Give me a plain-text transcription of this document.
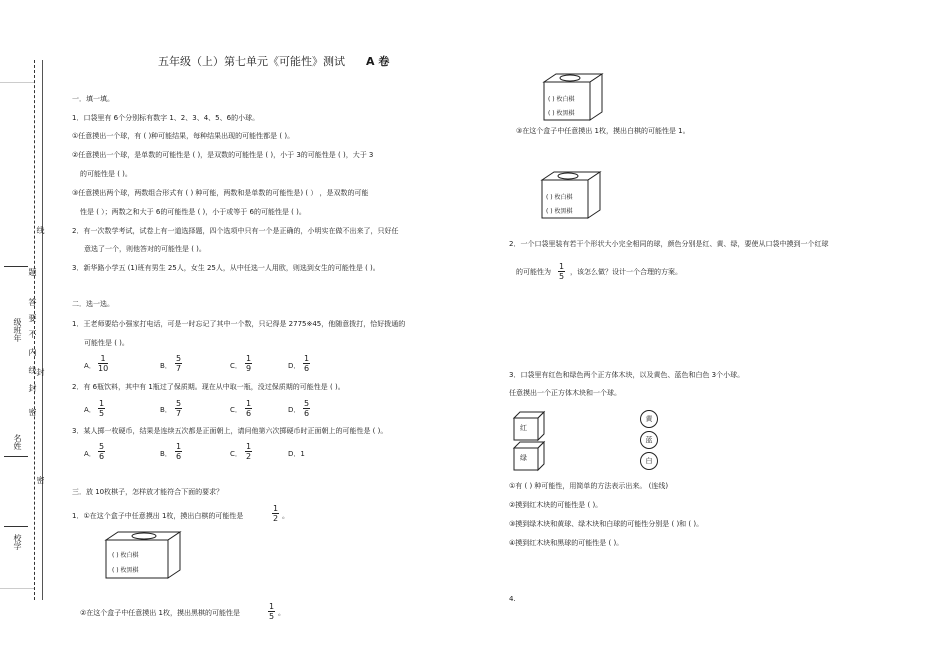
线
题
答
要
不
内
线
封
密
级班年
封
名姓
密
校学
五年级（上）第七单元《可能性》测试 A 卷
一．填一填。
1．口袋里有 6个分别标有数字 1、2、3、4、5、6的小球。
①任意摸出一个球，有 ( )种可能结果，每种结果出现的可能性都是 ( )。
②任意摸出一个球，是单数的可能性是 ( )，是双数的可能性是 ( )，小于 3的可能性是 ( )，大于 3
的可能性是 ( )。
③任意摸出两个球，两数组合形式有 ( ) 种可能，两数和是单数的可能性是) ( ） ，是双数的可能
性是 ( ）；两数之和大于 6的可能性是 ( )，小于或等于 6的可能性是 ( )。
2．有一次数学考试，试卷上有一道选择题，四个选项中只有一个是正确的，小明实在做不出来了，只好任
意选了一个，则他答对的可能性是 ( )。
3．新华路小学五 (1)班有男生 25人，女生 25人，从中任选一人用欧，则选到女生的可能性是 ( )。
二．选一选。
1．王老师要给小强家打电话，可是一时忘记了其中一个数，只记得是 2775※45，他随意拨打，恰好拨通的
可能性是 ( )。
A． $\frac{1}{10}$	B． $\frac{5}{7}$	C． $\frac{1}{9}$	D． $\frac{1}{6}$
2．有 6瓶饮料，其中有 1瓶过了保质期。现在从中取一瓶，没过保质期的可能性是 ( )。
A． $\frac{1}{5}$	B． $\frac{5}{7}$	C． $\frac{1}{6}$	D． $\frac{5}{6}$
3．某人掷一枚硬币，结果是连续五次都是正面朝上，请问他第六次掷硬币时正面朝上的可能性是 ( )。
A． $\frac{5}{6}$	B． $\frac{1}{6}$	C． $\frac{1}{2}$	D．1
三．放 10枚棋子，怎样放才能符合下面的要求？
1．①在这个盒子中任意摸出 1枚，摸出白棋的可能性是	$\frac{1}{2}$ 。
( ) 枚白棋
( ) 枚黑棋
②在这个盒子中任意摸出 1枚，摸出黑棋的可能性是	$\frac{1}{5}$ 。
( ) 枚白棋
( ) 枚黑棋
③在这个盒子中任意摸出 1枚，摸出白棋的可能性是 1。
( ) 枚白棋
( ) 枚黑棋
2．一个口袋里装有若干个形状大小完全相同的球，颜色分别是红、黄、绿，要使从口袋中摸到一个红球
的可能性为 $\frac{1}{5}$ ，该怎么做？设计一个合理的方案。
3．口袋里有红色和绿色两个正方体木块，以及黄色、蓝色和白色 3个小球。
任意摸出一个正方体木块和一个球。
红
绿
黄
蓝
白
①有 ( ) 种可能性，用简单的方法表示出来。 (连线)
②摸到红木块的可能性是 ( )。
③摸到绿木块和黄球、绿木块和白球的可能性分别是 ( )和 ( )。
④摸到红木块和黑球的可能性是 ( )。
4.
